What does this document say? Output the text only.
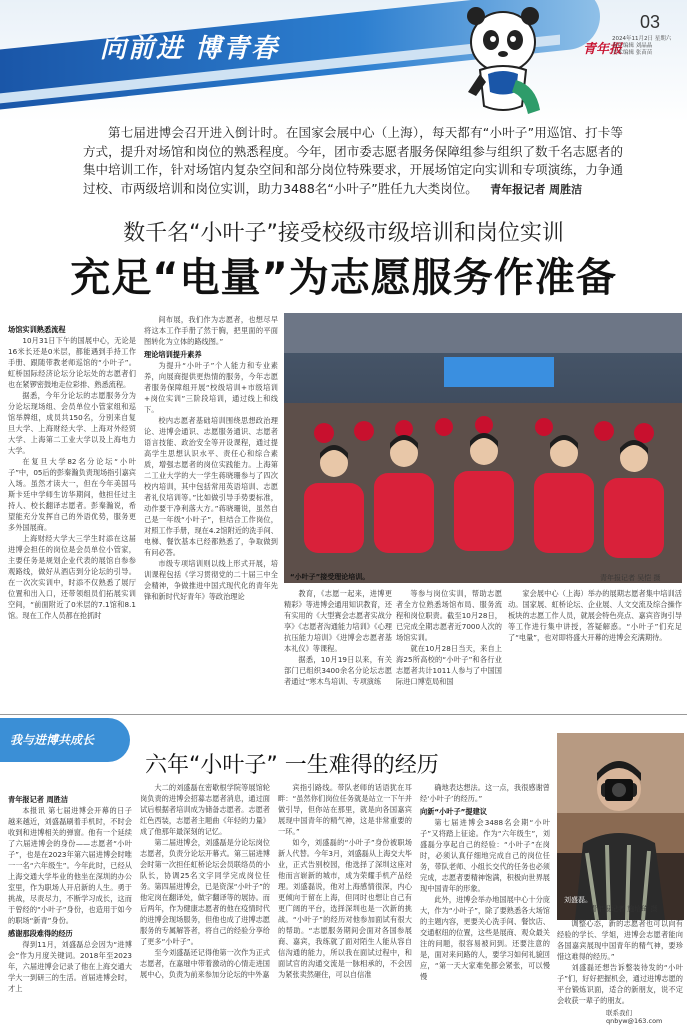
向前进 博青春
03
青年报
2024年11月2日 星期六
责任编辑 刘晶晶
美术编辑 张苗苗

第七届进博会召开进入倒计时。在国家会展中心（上海），每天都有“小叶子”用巡馆、打卡等方式，提升对场馆和岗位的熟悉程度。今年，团市委志愿者服务保障组参与组织了数千名志愿者的集中培训工作，针对场馆内复杂空间和部分岗位特殊要求，开展场馆定向实训和专项演练，力争通过校、市两级培训和岗位实训，助力3488名“小叶子”胜任九大类岗位。  青年报记者 周胜洁

数千名“小叶子”接受校级市级培训和岗位实训
充足“电量”为志愿服务作准备

场馆实训熟悉流程

10月31日下午的国展中心，无论是16米长还是0米层，都能遇到手持工作手册、跟随带教老师巡馆的“小叶子”。虹桥国际经济论坛分论坛处的志愿者们也在紧锣密鼓地走位彩排、熟悉流程。

据悉，今年分论坛的志愿服务分为分论坛现场组、会员单位小管家组和巡馆举牌组，成员共150名，分别来自复旦大学、上海财经大学、上海对外经贸大学、上海第二工业大学以及上海电力大学。

在复旦大学82名分论坛“小叶子”中，05后的彭秦瀚负责现场指引嘉宾入场。虽然才读大一，但在今年美国马斯卡廷中学师生访华期间，他担任过主持人、校长翻译志愿者。彭秦瀚说，希望能充分发挥自己的外语优势，服务更多外国展商。

上海财经大学大三学生时添在这届进博会担任的岗位是会员单位小管家，主要任务是规划企业代表的展馆自参参观路线，做好从酒店到分论坛的引导。在一次次实训中，时添不仅熟悉了展厅位置和出入口，还带领组员们拓展实训空间，“前面附近了0米层的7.1馆和8.1馆。现在工作人员都在抢抓时

间布展，我们作为志愿者，也想尽早将这本工作手册了然于胸，把里面的平面图转化为立体的路线图。”

理论培训提升素养

为提升“小叶子”个人能力和专业素养，向展商提供更热情的服务，今年志愿者服务保障组开展“校级培训+市级培训+岗位实训”三阶段培训，通过线上和线下。

校内志愿者基础培训围绕思想政治理论、进博会通识、志愿服务通识、志愿者语言技能、政治安全等开设课程，通过提高学生思想认识水平、责任心和综合素质，增强志愿者的岗位实践能力。上海第二工业大学的大一学生蒋晓珊参与了四次校内培训，其中包括常用英语培训、志愿者礼仪培训等。”比如做引导手势要标准，动作要干净利落大方。”蒋晓珊说，虽然自己是一年级“小叶子”，但结合工作岗位，对照工作手册，现在4.2馆附近的洗手间、电梯、餐饮基本已经都熟悉了，争取做到有问必答。

市级专项培训则以线上形式开展，培训课程包括《学习贯彻党的二十届三中全会精神，争做推进中国式现代化的青年先锋和新时代好青年》等政治理论

“小叶子”接受理论培训。	青年报记者 吴恺 摄

教育，《志愿一起来，进博更精彩》等进博会通用知识教育，还有实用的《大型赛会志愿者实战分享》《志愿者沟通能力培训》《心理抗压能力培训》《进博会志愿者基本礼仪》等课程。

据悉，10月19日以来，有关部门已组织3400余名分论坛志愿者通过“寒木鸟培训、专项演练

等参与岗位实训，帮助志愿者全方位熟悉场馆布局、服务流程和岗位职责。截至10月28日，已完成全期志愿者近7000人次的场馆实训。

就在10月28日当天，来自上海25所高校的“小叶子”和各行业志愿者共计1011人参与了中国国际进口博览局和国

家会展中心（上海）举办的展期志愿者集中培训活动。国家展、虹桥论坛、企业展、人文交流及综合操作板块的志愿工作人员，就展会特色亮点、嘉宾咨询引导等工作进行集中讲授，答疑解惑。“小叶子”们充足了“电量”，也对即将盛大开幕的进博会充满期待。

我与进博共成长
六年“小叶子” 一生难得的经历

青年报记者 周胜洁

本报讯 第七届进博会开幕的日子越来越近，刘盛磊刷着手机时，不时会收到和进博相关的弹窗。他有一个延续了六届进博会的身份——志愿者“小叶子”，也是在2023年第六届进博会时唯一一名“六年级生”。今年此时，已经从上海交通大学毕业的他坐在深圳的办公室里，作为职场人开启新的人生。勇于挑战，尽责尽力，不断学习成长，这而于曾经的“小叶子”身份，也造用于如今的职场“新青”身份。

感谢那段难得的经历

得到11月，刘盛磊总会因为“进博会”作为月度关键词。2018年至2023年，六届进博会记录了他在上海交通大学大一到研三的生活。首届进博会时，才上

大二的刘盛磊在密歇根学院等展馆轮岗负责的进博会招募志愿者消息，通过面试后根据者培训成为储备志愿者。志愿者红色西装，志愿者主题曲《年轻的力量》成了他那年最深刻的记忆。

第二届进博会，刘盛磊是分论坛岗位志愿者，负责分论坛开幕式。第三届进博会时第一次担任虹桥论坛会员联络员的小队长，协调25名文字同学完成岗位任务。第四届进博会，已是资深“小叶子”的他定岗在翻译处，做字翻译等的展协。而后两年，作为健康志愿者的他在疫情时代的进博会现场服务，但他也成了进博志愿服务的专属解答者，将自己的经验分享给了更多“小叶子”。

至今刘盛磊还记得他第一次作为正式志愿者，在嘉璀中带着激动的心情走进国展中心，负责为前来参加分论坛的中外嘉

宾指引路线。带队老师的话语犹在耳畔：“虽然你们岗位任务就是站立一下午并做引导，但你站在那里，就是向各国嘉宾展现中国青年的精气神，这是非常重要的一环。”

如今，刘盛磊的“小叶子”身份被职场新人代替。今年3月，刘盛磊从上海交大毕业，正式告别校园，他选择了深圳这座对他而言崭新的城市，成为荣耀手机产品经理。刘盛磊说，他对上海感情很深，内心更倾向于留在上海，但同时也想让自己有更广阔的平台，选择深圳也是一次新的挑战。“小叶子”的经历对他参加面试有很大的帮助。“志愿服务期间会面对各国参展商、嘉宾，我练就了面对陌生人能从容自信沟通的能力，所以我在面试过程中，和面试官的沟通交流是一脉相承的，不会因为紧张卖然砸住，可以自信准

确地表达想法。这一点，我很感谢曾经‘小叶子’的经历。”

向新“小叶子”提建议

第七届进博会3488名会期“小叶子”又将踏上征途。作为“六年级生”，刘盛磊分享起自己的经验：“小叶子”在岗时，必须认真仔细地完成自己的岗位任务，带队老师、小组长交代的任务也必须完成，志愿者要精神饱满，积极向世界展现中国青年的形象。

此外，进博会举办地国展中心十分庞大，作为“小叶子”，除了要熟悉各大场馆的主题内容，更要关心洗手间、餐饮店、交通枢纽的位置，这些是展商、观众最关注的问题，很容易被问到。还要注意的是，面对来问路的人，要学习如何礼貌回应，“第一天大家难免都会紧张，可以慢慢

刘盛磊。
青年报记者 施培琦 摄

调整心态，新的志愿者也可以向有经验的学长、学姐，进博会志愿者能向各国嘉宾展现中国青年的精气神，要珍惜这难得的经历。”

刘盛磊还想告诉整装待发的“小叶子”们，好好把握机会，通过进博志愿的平台锻炼识面，适合的新朋友，说不定会收获一辈子的朋友。

联系我们 qnbyw@163.com
